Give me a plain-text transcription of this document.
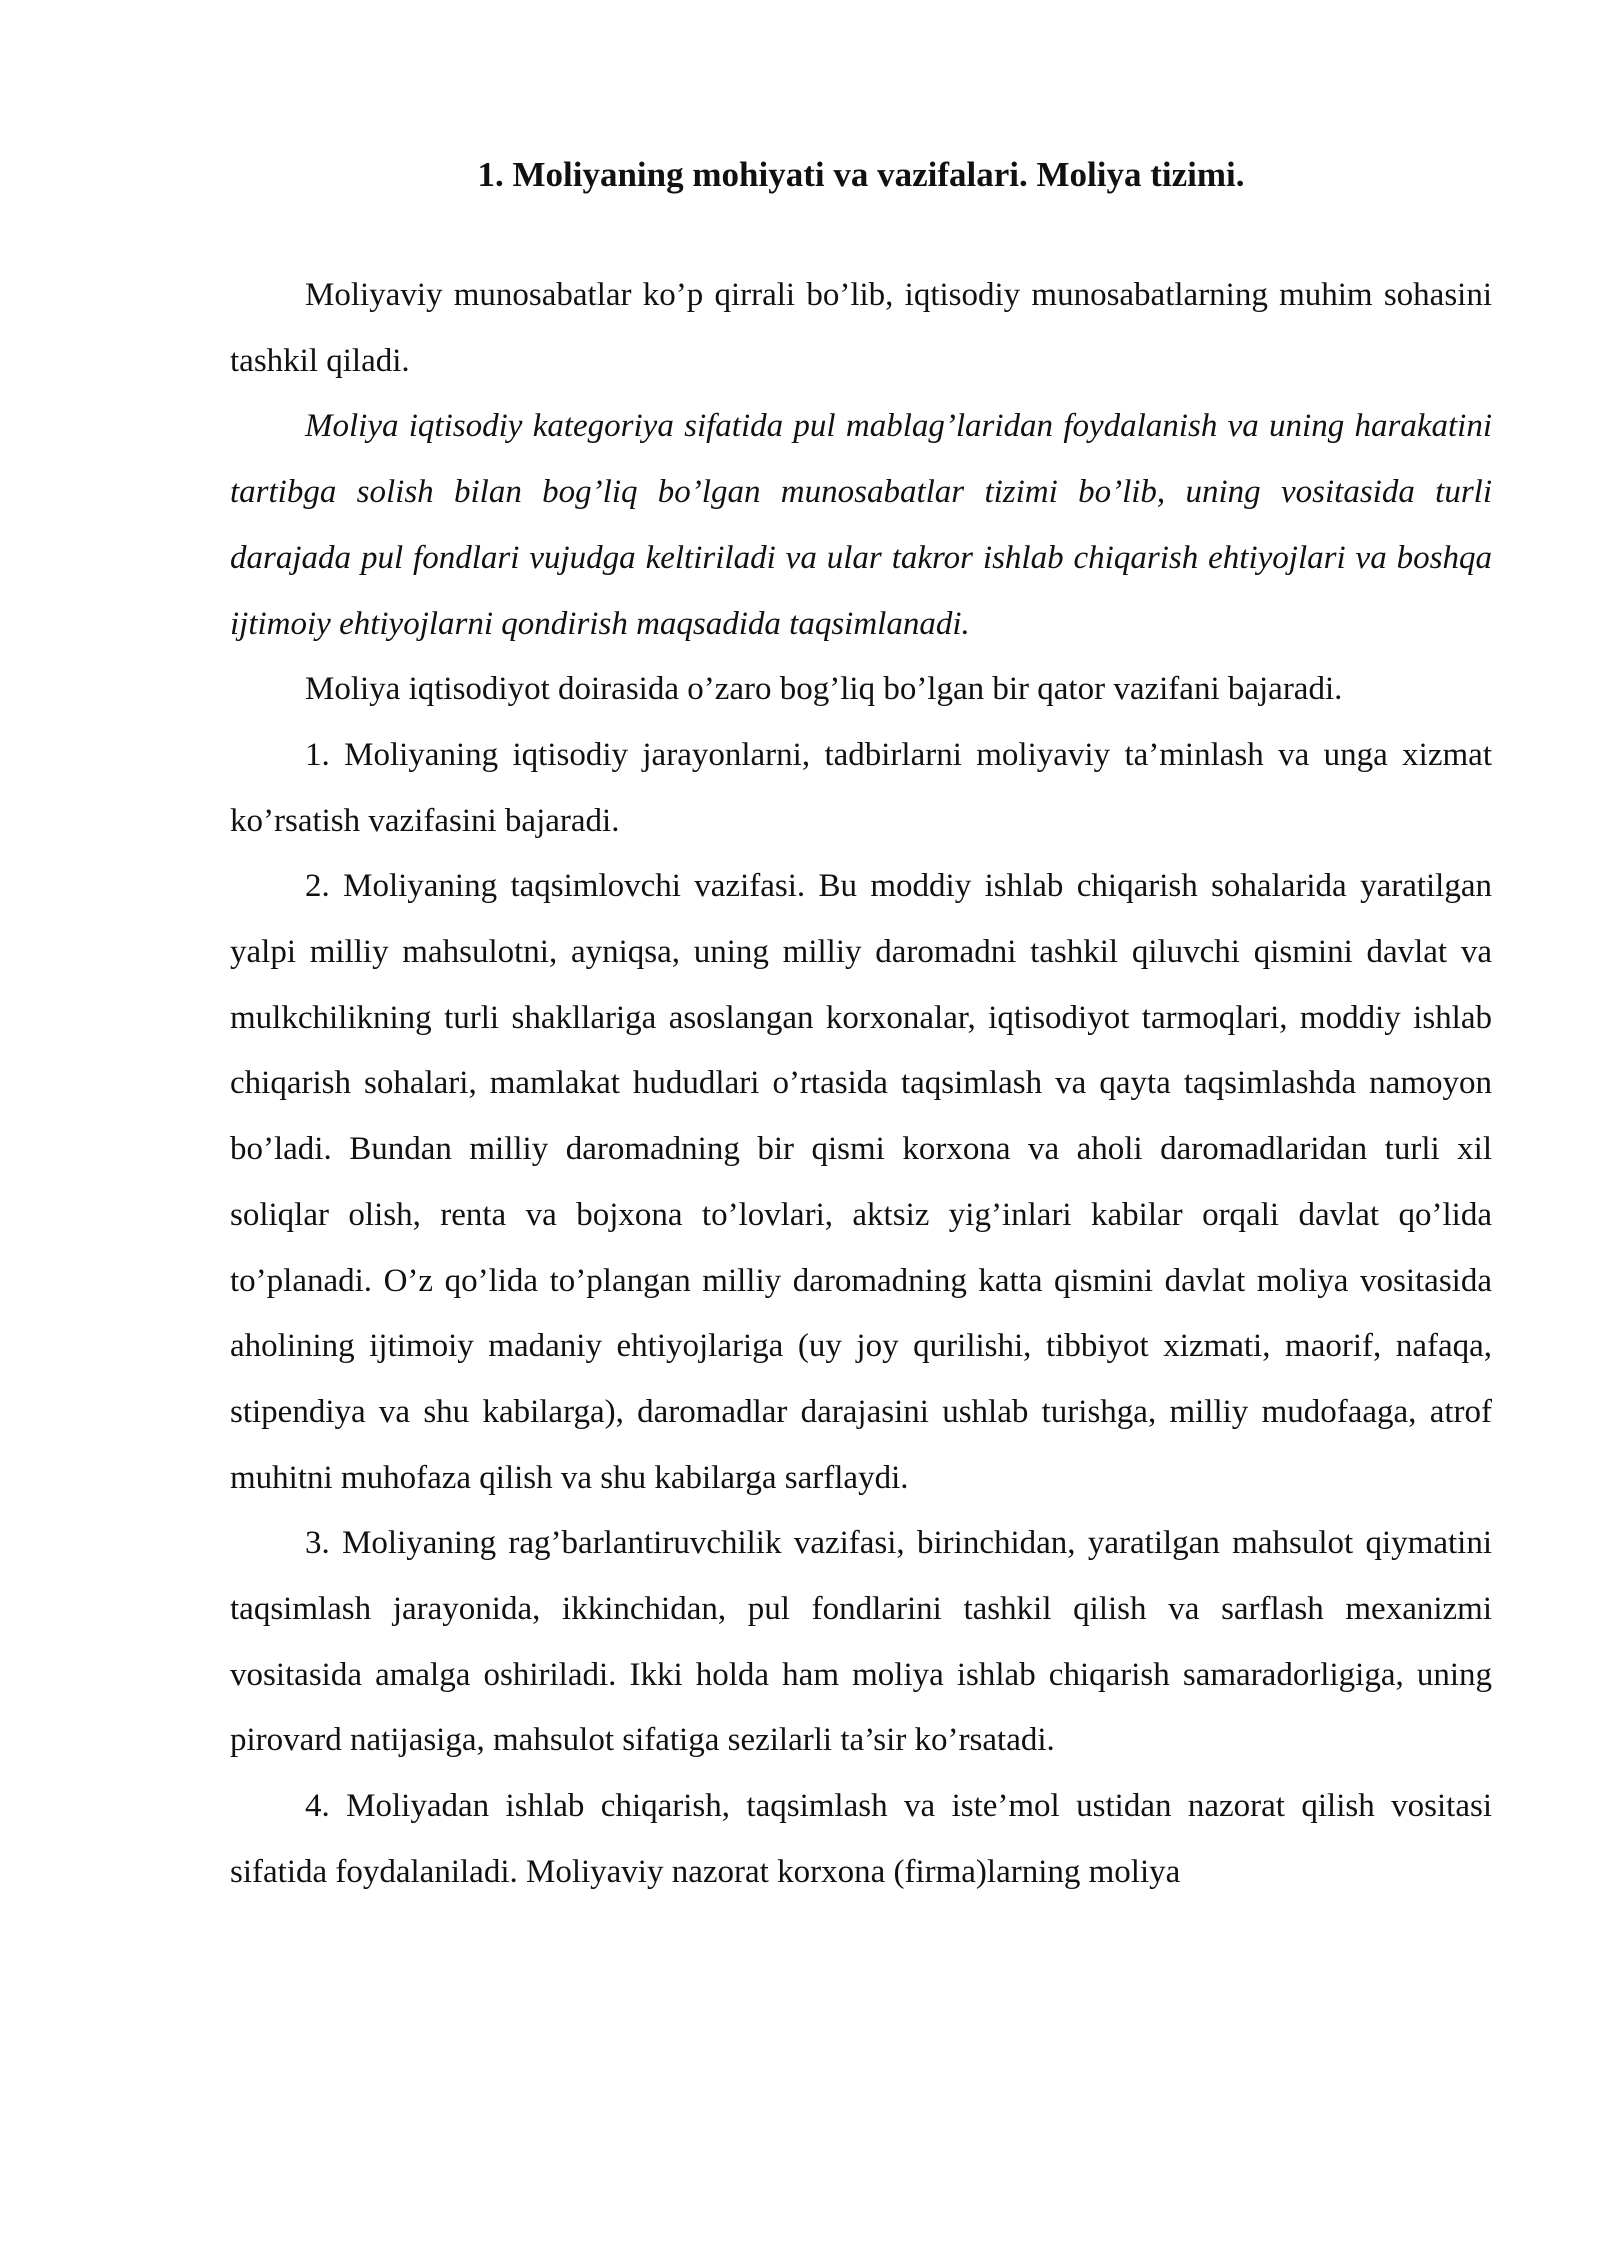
1. Moliyaning mohiyati va vazifalari. Moliya tizimi.

Moliyaviy munosabatlar ko’p qirrali bo’lib, iqtisodiy munosabatlarning muhim sohasini tashkil qiladi.

Moliya iqtisodiy kategoriya sifatida pul mablag’laridan foydalanish va uning harakatini tartibga solish bilan bog’liq bo’lgan munosabatlar tizimi bo’lib, uning vositasida turli darajada pul fondlari vujudga keltiriladi va ular takror ishlab chiqarish ehtiyojlari va boshqa ijtimoiy ehtiyojlarni qondirish maqsadida taqsimlanadi.

Moliya iqtisodiyot doirasida o’zaro bog’liq bo’lgan bir qator vazifani bajaradi.

1. Moliyaning iqtisodiy jarayonlarni, tadbirlarni moliyaviy ta’minlash va unga xizmat ko’rsatish vazifasini bajaradi.

2. Moliyaning taqsimlovchi vazifasi. Bu moddiy ishlab chiqarish sohalarida yaratilgan yalpi milliy mahsulotni, ayniqsa, uning milliy daromadni tashkil qiluvchi qismini davlat va mulkchilikning turli shakllariga asoslangan korxonalar, iqtisodiyot tarmoqlari, moddiy ishlab chiqarish sohalari, mamlakat hududlari o’rtasida taqsimlash va qayta taqsimlashda namoyon bo’ladi. Bundan milliy daromadning bir qismi korxona va aholi daromadlaridan turli xil soliqlar olish, renta va bojxona to’lovlari, aktsiz yig’inlari kabilar orqali davlat qo’lida to’planadi. O’z qo’lida to’plangan milliy daromadning katta qismini davlat moliya vositasida aholining ijtimoiy madaniy ehtiyojlariga (uy joy qurilishi, tibbiyot xizmati, maorif, nafaqa, stipendiya va shu kabilarga), daromadlar darajasini ushlab turishga, milliy mudofaaga, atrof muhitni muhofaza qilish va shu kabilarga sarflaydi.

3. Moliyaning rag’barlantiruvchilik vazifasi, birinchidan, yaratilgan mahsulot qiymatini taqsimlash jarayonida, ikkinchidan, pul fondlarini tashkil qilish va sarflash mexanizmi vositasida amalga oshiriladi. Ikki holda ham moliya ishlab chiqarish samaradorligiga, uning pirovard natijasiga, mahsulot sifatiga sezilarli ta’sir ko’rsatadi.

4. Moliyadan ishlab chiqarish, taqsimlash va iste’mol ustidan nazorat qilish vositasi sifatida foydalaniladi. Moliyaviy nazorat korxona (firma)larning moliya
